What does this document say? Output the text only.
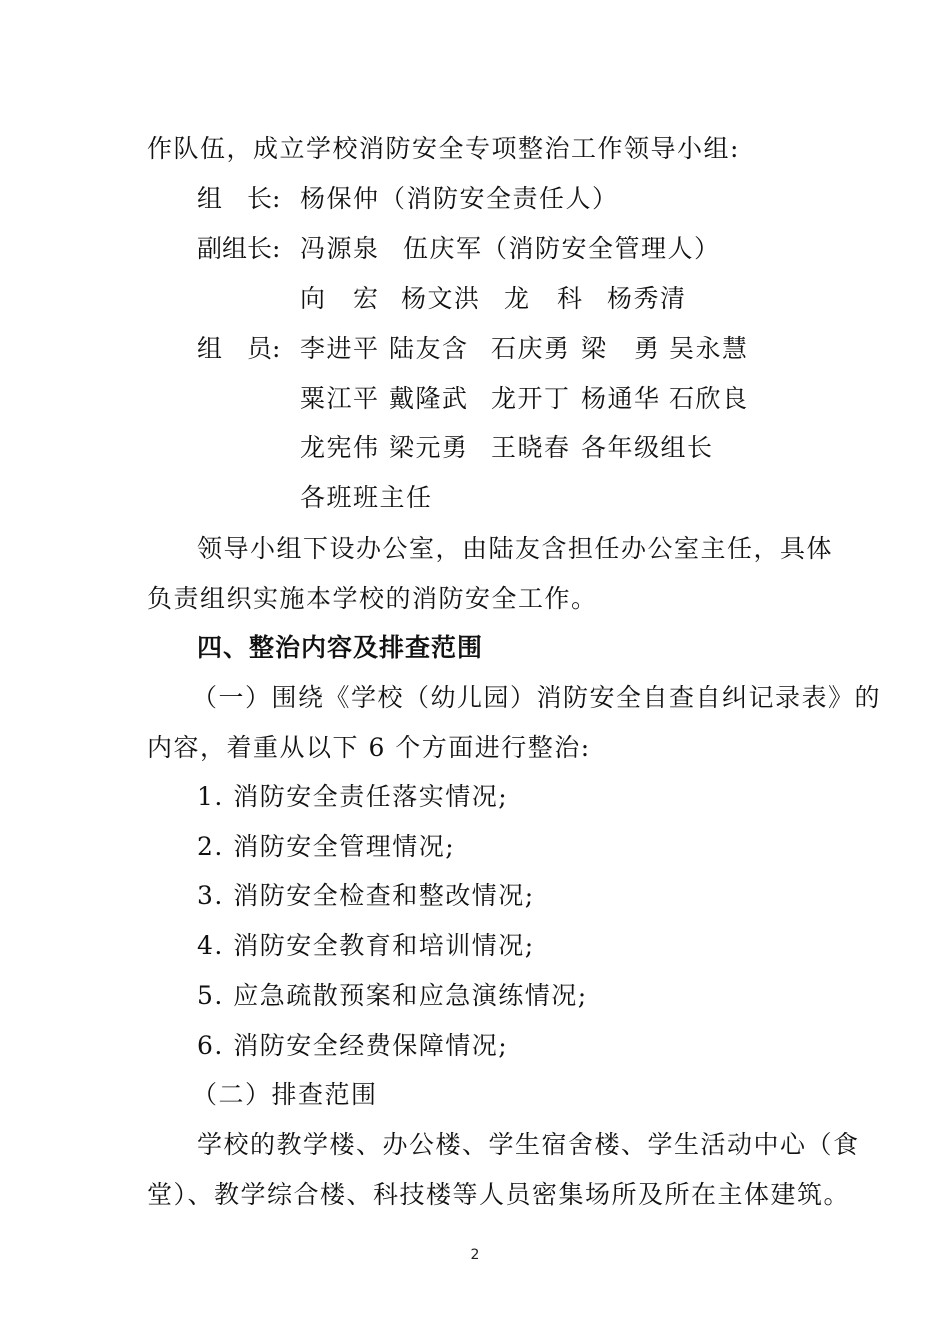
作队伍，成立学校消防安全专项整治工作领导小组:
组　长: 杨保仲 （消防安全责任人）
副组长: 冯源泉 伍庆军 （消防安全管理人）
向　宏 杨文洪 龙　科 杨秀清
组　员: 李进平 陆友含 石庆勇 梁　勇 吴永慧
粟江平 戴隆武 龙开丁 杨通华 石欣良
龙宪伟 梁元勇 王晓春 各年级组长
各班班主任
领导小组下设办公室，由陆友含担任办公室主任，具体
负责组织实施本学校的消防安全工作。
四、整治内容及排查范围
（一）围绕《学校（幼儿园）消防安全自查自纠记录表》的
内容，着重从以下 6 个方面进行整治:
1. 消防安全责任落实情况;
2. 消防安全管理情况;
3. 消防安全检查和整改情况;
4. 消防安全教育和培训情况;
5. 应急疏散预案和应急演练情况;
6. 消防安全经费保障情况;
（二）排查范围
学校的教学楼、办公楼、学生宿舍楼、学生活动中心（食
堂）、教学综合楼、科技楼等人员密集场所及所在主体建筑。
2
